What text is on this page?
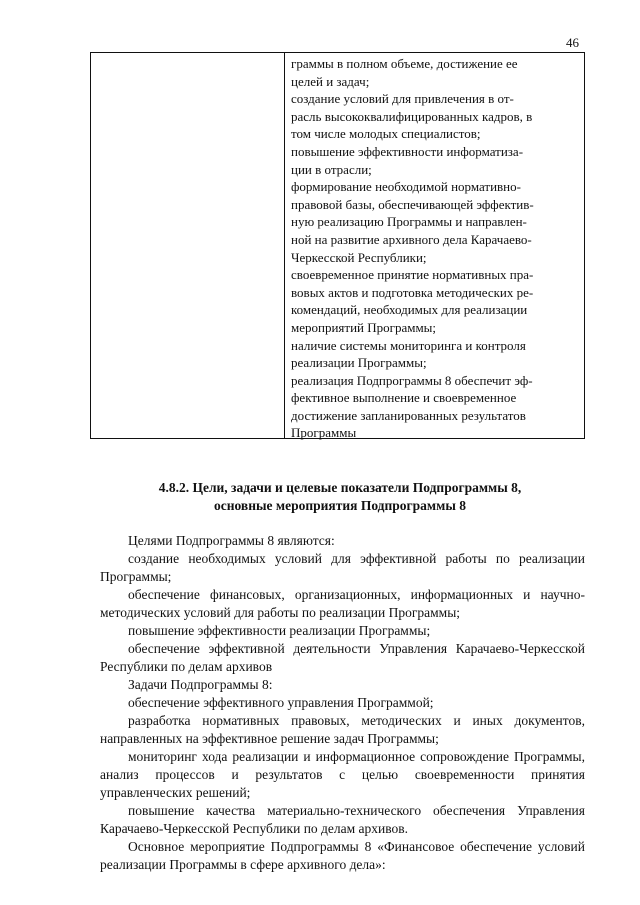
46
граммы в полном объеме, достижение ее
целей и задач;
создание условий для привлечения в от-
расль высококвалифицированных кадров, в
том числе молодых специалистов;
повышение эффективности информатиза-
ции в отрасли;
формирование необходимой нормативно-
правовой базы, обеспечивающей эффектив-
ную реализацию Программы и направлен-
ной на развитие архивного дела Карачаево-
Черкесской Республики;
своевременное принятие нормативных пра-
вовых актов и подготовка методических ре-
комендаций, необходимых для реализации
мероприятий Программы;
наличие системы мониторинга и контроля
реализации Программы;
реализация Подпрограммы 8 обеспечит эф-
фективное выполнение и своевременное
достижение запланированных результатов
Программы
4.8.2. Цели, задачи и целевые показатели Подпрограммы 8,
основные мероприятия Подпрограммы 8

Целями Подпрограммы 8 являются:

создание необходимых условий для эффективной работы по реализации Программы;

обеспечение финансовых, организационных, информационных и научно-методических условий для работы по реализации Программы;

повышение эффективности реализации Программы;

обеспечение эффективной деятельности Управления Карачаево-Черкесской Республики по делам архивов

Задачи Подпрограммы 8:

обеспечение эффективного управления Программой;

разработка нормативных правовых, методических и иных документов, направленных на эффективное решение задач Программы;

мониторинг хода реализации и информационное сопровождение Программы, анализ процессов и результатов с целью своевременности принятия управленческих решений;

повышение качества материально-технического обеспечения Управления Карачаево-Черкесской Республики по делам архивов.

Основное мероприятие Подпрограммы 8 «Финансовое обеспечение условий реализации Программы в сфере архивного дела»:
